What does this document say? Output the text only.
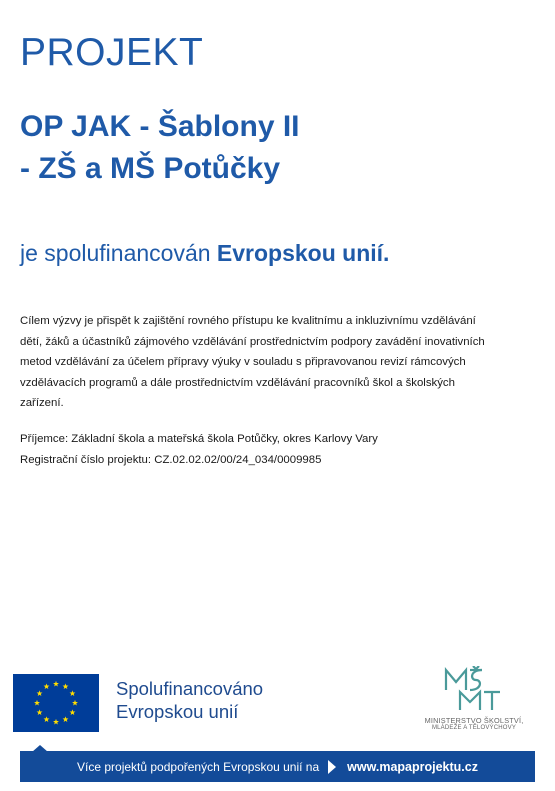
PROJEKT
OP JAK - Šablony II
- ZŠ a MŠ Potůčky
je spolufinancován Evropskou unií.
Cílem výzvy je přispět k zajištění rovného přístupu ke kvalitnímu a inkluzivnímu vzdělávání dětí, žáků a účastníků zájmového vzdělávání prostřednictvím podpory zavádění inovativních metod vzdělávání za účelem přípravy výuky v souladu s připravovanou revizí rámcových vzdělávacích programů a dále prostřednictvím vzdělávání pracovníků škol a školských zařízení.
Příjemce: Základní škola a mateřská škola Potůčky, okres Karlovy Vary
Registrační číslo projektu: CZ.02.02.02/00/24_034/0009985
Spolufinancováno
Evropskou unií	MINISTERSTVO ŠKOLSTVÍ,
MLÁDEŽE A TĚLOVÝCHOVY
Více projektů podpořených Evropskou unií na www.mapaprojektu.cz
